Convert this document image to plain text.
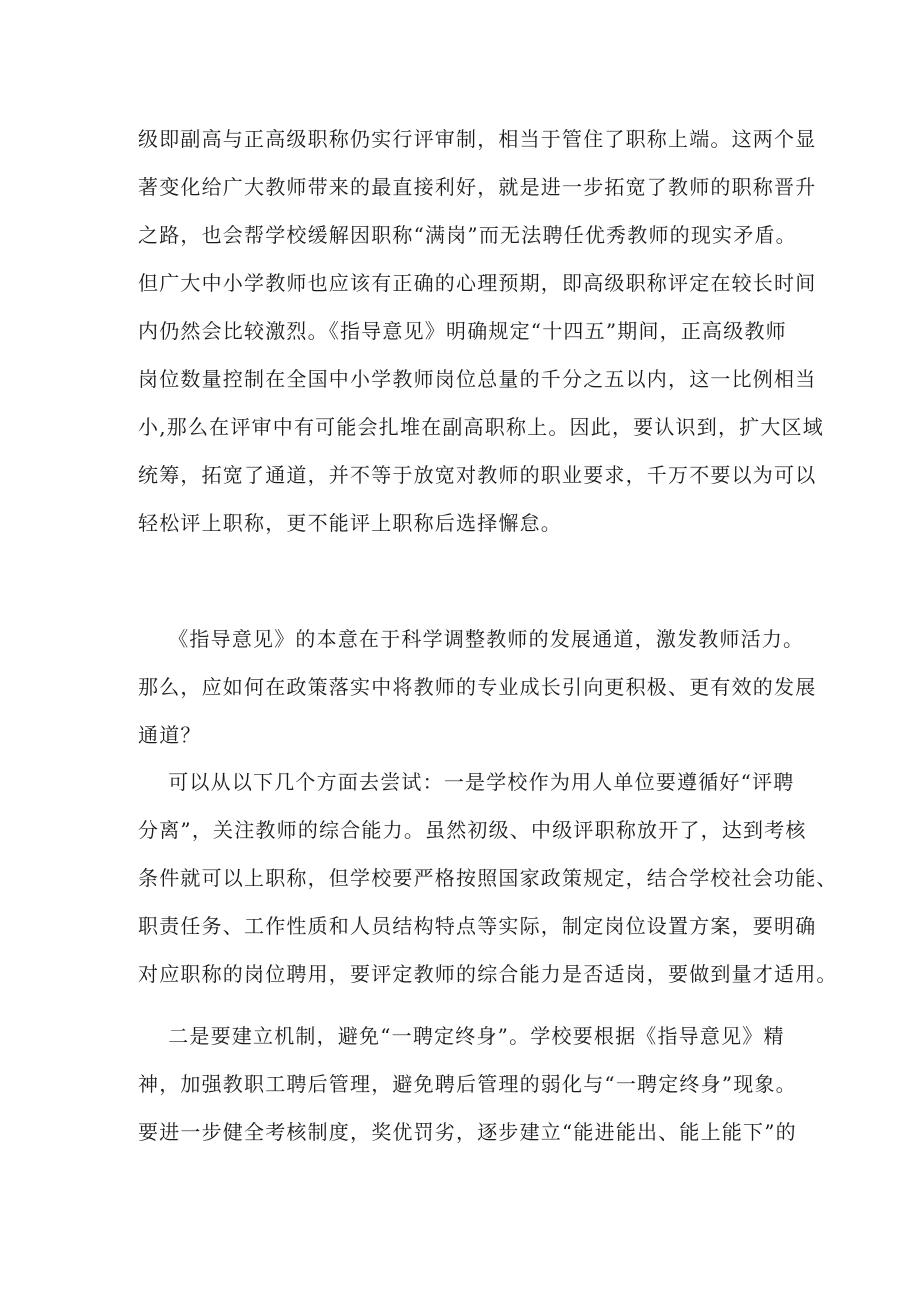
级即副高与正高级职称仍实行评审制，相当于管住了职称上端。这两个显
著变化给广大教师带来的最直接利好，就是进一步拓宽了教师的职称晋升
之路，也会帮学校缓解因职称“满岗”而无法聘任优秀教师的现实矛盾。
但广大中小学教师也应该有正确的心理预期，即高级职称评定在较长时间
内仍然会比较激烈。《指导意见》明确规定“十四五”期间，正高级教师
岗位数量控制在全国中小学教师岗位总量的千分之五以内，这一比例相当
小,那么在评审中有可能会扎堆在副高职称上。因此，要认识到，扩大区域
统筹，拓宽了通道，并不等于放宽对教师的职业要求，千万不要以为可以
轻松评上职称，更不能评上职称后选择懈怠。
《指导意见》的本意在于科学调整教师的发展通道，激发教师活力。
那么，应如何在政策落实中将教师的专业成长引向更积极、更有效的发展
通道？
可以从以下几个方面去尝试：一是学校作为用人单位要遵循好“评聘
分离”，关注教师的综合能力。虽然初级、中级评职称放开了，达到考核
条件就可以上职称，但学校要严格按照国家政策规定，结合学校社会功能、
职责任务、工作性质和人员结构特点等实际，制定岗位设置方案，要明确
对应职称的岗位聘用，要评定教师的综合能力是否适岗，要做到量才适用。
二是要建立机制，避免“一聘定终身”。学校要根据《指导意见》精
神，加强教职工聘后管理，避免聘后管理的弱化与“一聘定终身”现象。
要进一步健全考核制度，奖优罚劣，逐步建立“能进能出、能上能下”的
